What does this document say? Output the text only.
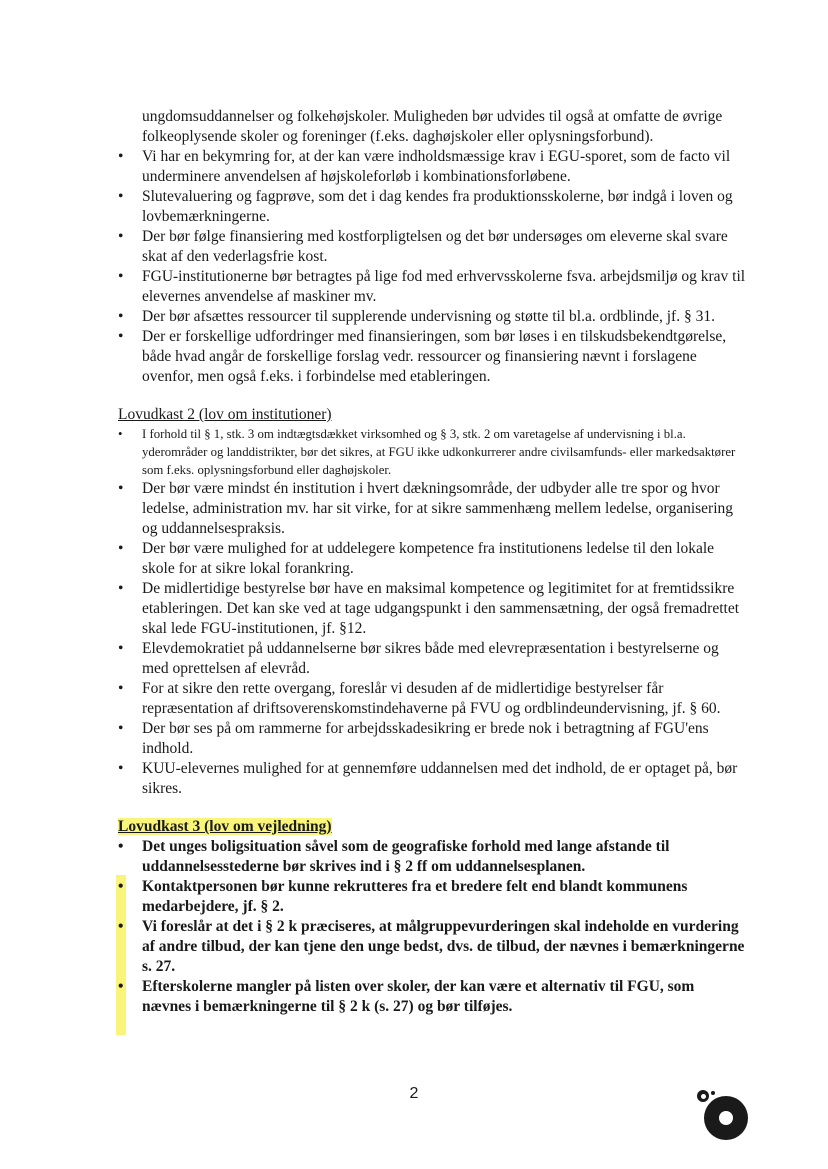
ungdomsuddannelser og folkehøjskoler. Muligheden bør udvides til også at omfatte de øvrige folkeoplysende skoler og foreninger (f.eks. daghøjskoler eller oplysningsforbund).

•	Vi har en bekymring for, at der kan være indholdsmæssige krav i EGU-sporet, som de facto vil underminere anvendelsen af højskoleforløb i kombinationsforløbene.
•	Slutevaluering og fagprøve, som det i dag kendes fra produktionsskolerne, bør indgå i loven og lovbemærkningerne.
•	Der bør følge finansiering med kostforpligtelsen og det bør undersøges om eleverne skal svare skat af den vederlagsfrie kost.
•	FGU-institutionerne bør betragtes på lige fod med erhvervsskolerne fsva. arbejdsmiljø og krav til elevernes anvendelse af maskiner mv.
•	Der bør afsættes ressourcer til supplerende undervisning og støtte til bl.a. ordblinde, jf. § 31.
•	Der er forskellige udfordringer med finansieringen, som bør løses i en tilskudsbekendtgørelse, både hvad angår de forskellige forslag vedr. ressourcer og finansiering nævnt i forslagene ovenfor, men også f.eks. i forbindelse med etableringen.

Lovudkast 2 (lov om institutioner)

•	I forhold til § 1, stk. 3 om indtægtsdækket virksomhed og § 3, stk. 2 om varetagelse af undervisning i bl.a. yderområder og landdistrikter, bør det sikres, at FGU ikke udkonkurrerer andre civilsamfunds- eller markedsaktører som f.eks. oplysningsforbund eller daghøjskoler.
•	Der bør være mindst én institution i hvert dækningsområde, der udbyder alle tre spor og hvor ledelse, administration mv. har sit virke, for at sikre sammenhæng mellem ledelse, organisering og uddannelsespraksis.
•	Der bør være mulighed for at uddelegere kompetence fra institutionens ledelse til den lokale skole for at sikre lokal forankring.
•	De midlertidige bestyrelse bør have en maksimal kompetence og legitimitet for at fremtidssikre etableringen. Det kan ske ved at tage udgangspunkt i den sammensætning, der også fremadrettet skal lede FGU-institutionen, jf. §12.
•	Elevdemokratiet på uddannelserne bør sikres både med elevrepræsentation i bestyrelserne og med oprettelsen af elevråd.
•	For at sikre den rette overgang, foreslår vi desuden af de midlertidige bestyrelser får repræsentation af driftsoverenskomstindehaverne på FVU og ordblindeundervisning, jf. § 60.
•	Der bør ses på om rammerne for arbejdsskadesikring er brede nok i betragtning af FGU'ens indhold.
•	KUU-elevernes mulighed for at gennemføre uddannelsen med det indhold, de er optaget på, bør sikres.

Lovudkast 3 (lov om vejledning)

•	Det unges boligsituation såvel som de geografiske forhold med lange afstande til uddannelsesstederne bør skrives ind i § 2 ff om uddannelsesplanen.
•	Kontaktpersonen bør kunne rekrutteres fra et bredere felt end blandt kommunens medarbejdere, jf. § 2.
•	Vi foreslår at det i § 2 k præciseres, at målgruppevurderingen skal indeholde en vurdering af andre tilbud, der kan tjene den unge bedst, dvs. de tilbud, der nævnes i bemærkningerne s. 27.
•	Efterskolerne mangler på listen over skoler, der kan være et alternativ til FGU, som nævnes i bemærkningerne til § 2 k (s. 27) og bør tilføjes.
2
